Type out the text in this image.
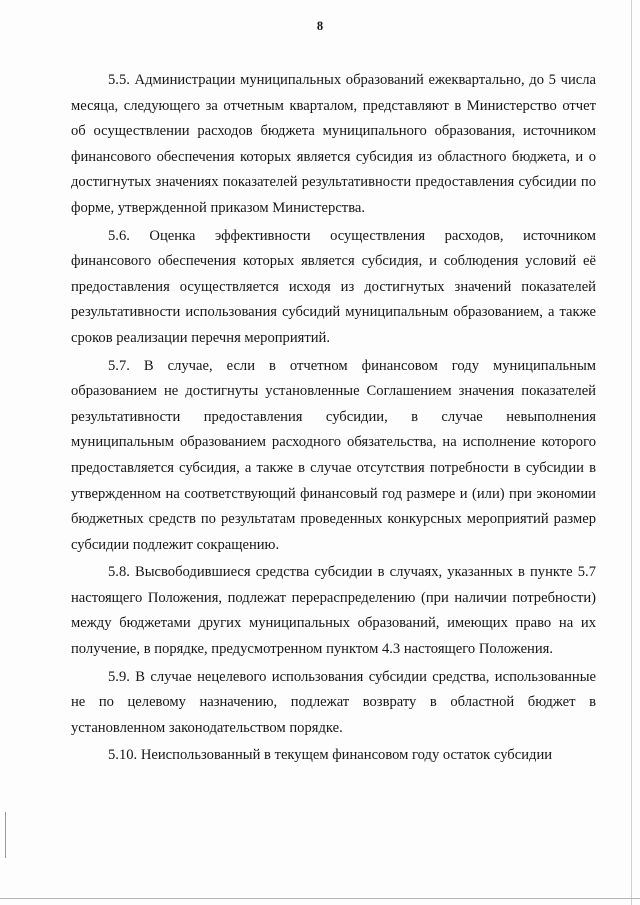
8

5.5. Администрации муниципальных образований ежеквартально, до 5 числа месяца, следующего за отчетным кварталом, представляют в Министерство отчет об осуществлении расходов бюджета муниципального образования, источником финансового обеспечения которых является субсидия из областного бюджета, и о достигнутых значениях показателей результативности предоставления субсидии по форме, утвержденной приказом Министерства.

5.6. Оценка эффективности осуществления расходов, источником финансового обеспечения которых является субсидия, и соблюдения условий её предоставления осуществляется исходя из достигнутых значений показателей результативности использования субсидий муниципальным образованием, а также сроков реализации перечня мероприятий.

5.7. В случае, если в отчетном финансовом году муниципальным образованием не достигнуты установленные Соглашением значения показателей результативности предоставления субсидии, в случае невыполнения муниципальным образованием расходного обязательства, на исполнение которого предоставляется субсидия, а также в случае отсутствия потребности в субсидии в утвержденном на соответствующий финансовый год размере и (или) при экономии бюджетных средств по результатам проведенных конкурсных мероприятий размер субсидии подлежит сокращению.

5.8. Высвободившиеся средства субсидии в случаях, указанных в пункте 5.7 настоящего Положения, подлежат перераспределению (при наличии потребности) между бюджетами других муниципальных образований, имеющих право на их получение, в порядке, предусмотренном пунктом 4.3 настоящего Положения.

5.9. В случае нецелевого использования субсидии средства, использованные не по целевому назначению, подлежат возврату в областной бюджет в установленном законодательством порядке.

5.10. Неиспользованный в текущем финансовом году остаток субсидии
